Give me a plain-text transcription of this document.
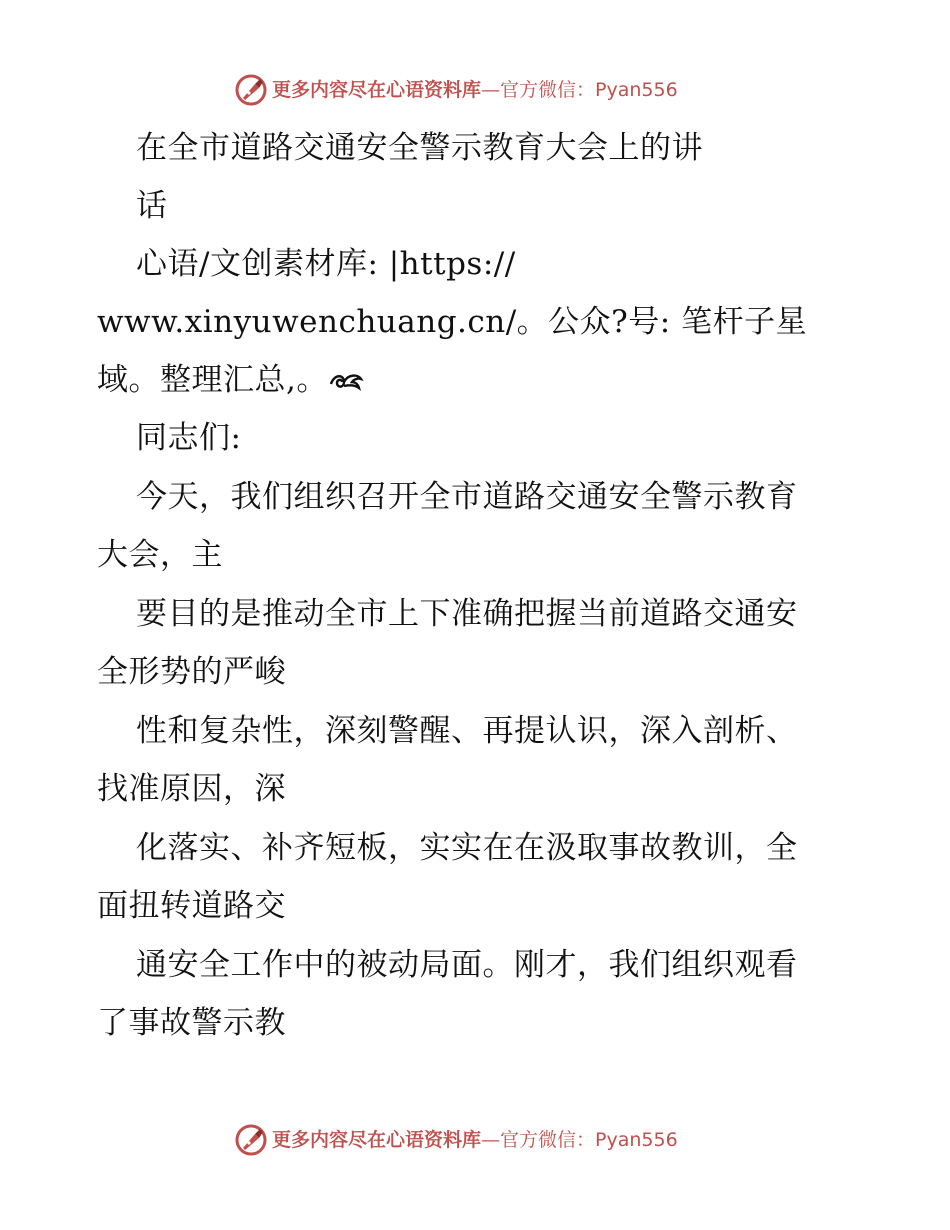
更多内容尽在心语资料库—官方微信：Pyan556
在全市道路交通安全警示教育大会上的讲
话
心语/文创素材库: |https://
www.xinyuwenchuang.cn/。公众?号: 笔杆子星
域。整理汇总,。
同志们:
今天，我们组织召开全市道路交通安全警示教育
大会，主
要目的是推动全市上下准确把握当前道路交通安
全形势的严峻
性和复杂性，深刻警醒、再提认识，深入剖析、
找准原因，深
化落实、补齐短板，实实在在汲取事故教训，全
面扭转道路交
通安全工作中的被动局面。刚才，我们组织观看
了事故警示教
更多内容尽在心语资料库—官方微信：Pyan556
